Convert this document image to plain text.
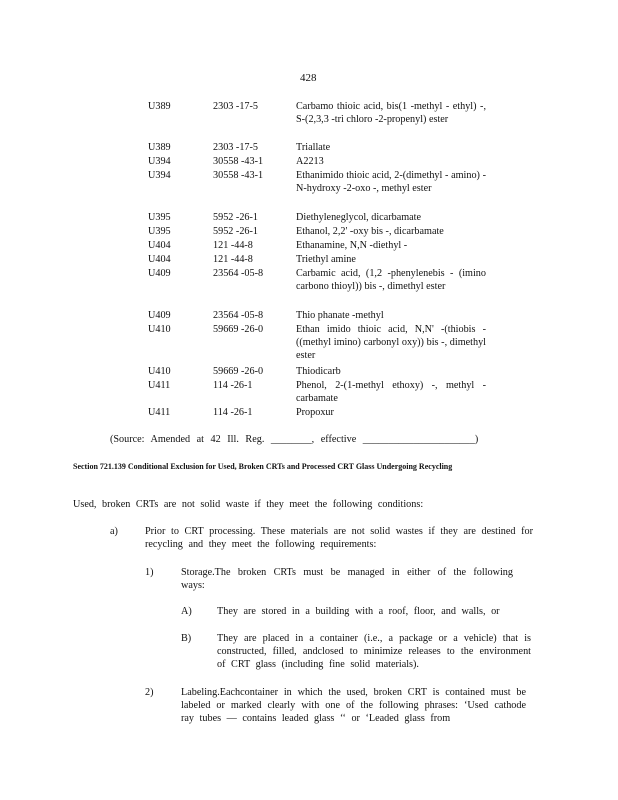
428
U389	2303 -17-5	Carbamo thioic acid, bis(1 -methyl - ethyl) -, S-(2,3,3 -tri chloro -2-propenyl) ester
U389	2303 -17-5	Triallate
U394	30558 -43-1	A2213
U394	30558 -43-1	Ethanimido thioic acid, 2-(dimethyl - amino) -N-hydroxy -2-oxo -, methyl ester
U395	5952 -26-1	Diethyleneglycol, dicarbamate
U395	5952 -26-1	Ethanol, 2,2' -oxy bis -, dicarbamate
U404	121 -44-8	Ethanamine, N,N -diethyl -
U404	121 -44-8	Triethyl amine
U409	23564 -05-8	Carbamic acid, (1,2 -phenylenebis - (imino carbono thioyl)) bis -, dimethyl ester
U409	23564 -05-8	Thio phanate -methyl
U410	59669 -26-0	Ethan imido thioic acid, N,N' -(thiobis - ((methyl imino) carbonyl oxy)) bis -, dimethyl ester
U410	59669 -26-0	Thiodicarb
U411	114 -26-1	Phenol, 2-(1-methyl ethoxy) -, methyl - carbamate
U411	114 -26-1	Propoxur
(Source: Amended at 42 Ill. Reg. ________, effective ______________________)
Section 721.139 Conditional Exclusion for Used, Broken CRTs and Processed CRT Glass Undergoing Recycling
Used, broken CRTs are not solid waste if they meet the following conditions:
a)	Prior to CRT processing. These materials are not solid wastes if they are destined for recycling and they meet the following requirements:
1)	Storage.The broken CRTs must be managed in either of the following ways:
A) They are stored in a building with a roof, floor, and walls, or
B)	They are placed in a container (i.e., a package or a vehicle) that is constructed, filled, andclosed to minimize releases to the environment of CRT glass (including fine solid materials).
2)	Labeling.Eachcontainer in which the used, broken CRT is contained must be labeled or marked clearly with one of the following phrases: ‘Used cathode ray tubes — contains leaded glass ‘‘ or ‘Leaded glass from
